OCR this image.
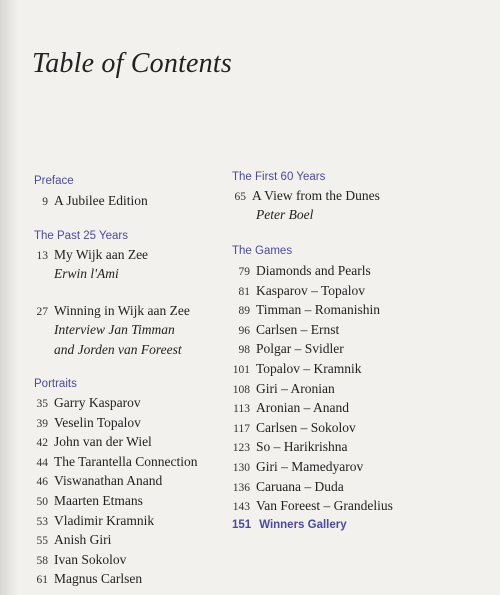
Table of Contents
Preface
9 A Jubilee Edition
The Past 25 Years
13 My Wijk aan Zee
Erwin l'Ami
27 Winning in Wijk aan Zee
Interview Jan Timman
and Jorden van Foreest
Portraits
35 Garry Kasparov
39 Veselin Topalov
42 John van der Wiel
44 The Tarantella Connection
46 Viswanathan Anand
50 Maarten Etmans
53 Vladimir Kramnik
55 Anish Giri
58 Ivan Sokolov
61 Magnus Carlsen
The First 60 Years
65 A View from the Dunes
Peter Boel
The Games
79 Diamonds and Pearls
81 Kasparov – Topalov
89 Timman – Romanishin
96 Carlsen – Ernst
98 Polgar – Svidler
101 Topalov – Kramnik
108 Giri – Aronian
113 Aronian – Anand
117 Carlsen – Sokolov
123 So – Harikrishna
130 Giri – Mamedyarov
136 Caruana – Duda
143 Van Foreest – Grandelius
151 Winners Gallery
